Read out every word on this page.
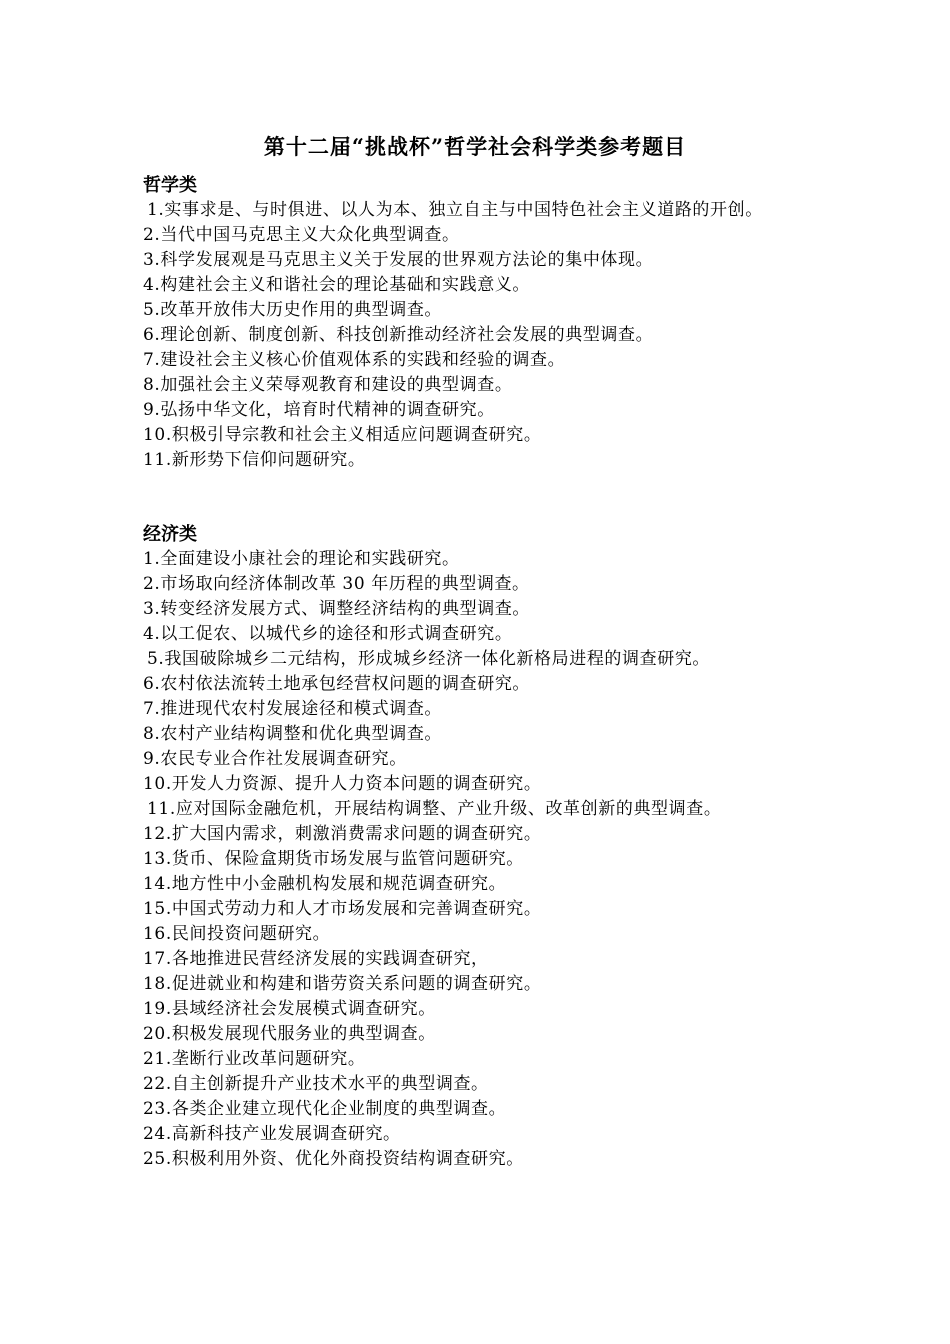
第十二届“挑战杯”哲学社会科学类参考题目
哲学类
1.实事求是、与时俱进、以人为本、独立自主与中国特色社会主义道路的开创。
2.当代中国马克思主义大众化典型调查。
3.科学发展观是马克思主义关于发展的世界观方法论的集中体现。
4.构建社会主义和谐社会的理论基础和实践意义。
5.改革开放伟大历史作用的典型调查。
6.理论创新、制度创新、科技创新推动经济社会发展的典型调查。
7.建设社会主义核心价值观体系的实践和经验的调查。
8.加强社会主义荣辱观教育和建设的典型调查。
9.弘扬中华文化，培育时代精神的调查研究。
10.积极引导宗教和社会主义相适应问题调查研究。
11.新形势下信仰问题研究。
经济类
1.全面建设小康社会的理论和实践研究。
2.市场取向经济体制改革 30 年历程的典型调查。
3.转变经济发展方式、调整经济结构的典型调查。
4.以工促农、以城代乡的途径和形式调查研究。
5.我国破除城乡二元结构，形成城乡经济一体化新格局进程的调查研究。
6.农村依法流转土地承包经营权问题的调查研究。
7.推进现代农村发展途径和模式调查。
8.农村产业结构调整和优化典型调查。
9.农民专业合作社发展调查研究。
10.开发人力资源、提升人力资本问题的调查研究。
11.应对国际金融危机，开展结构调整、产业升级、改革创新的典型调查。
12.扩大国内需求，刺激消费需求问题的调查研究。
13.货币、保险盒期货市场发展与监管问题研究。
14.地方性中小金融机构发展和规范调查研究。
15.中国式劳动力和人才市场发展和完善调查研究。
16.民间投资问题研究。
17.各地推进民营经济发展的实践调查研究，
18.促进就业和构建和谐劳资关系问题的调查研究。
19.县域经济社会发展模式调查研究。
20.积极发展现代服务业的典型调查。
21.垄断行业改革问题研究。
22.自主创新提升产业技术水平的典型调查。
23.各类企业建立现代化企业制度的典型调查。
24.高新科技产业发展调查研究。
25.积极利用外资、优化外商投资结构调查研究。
